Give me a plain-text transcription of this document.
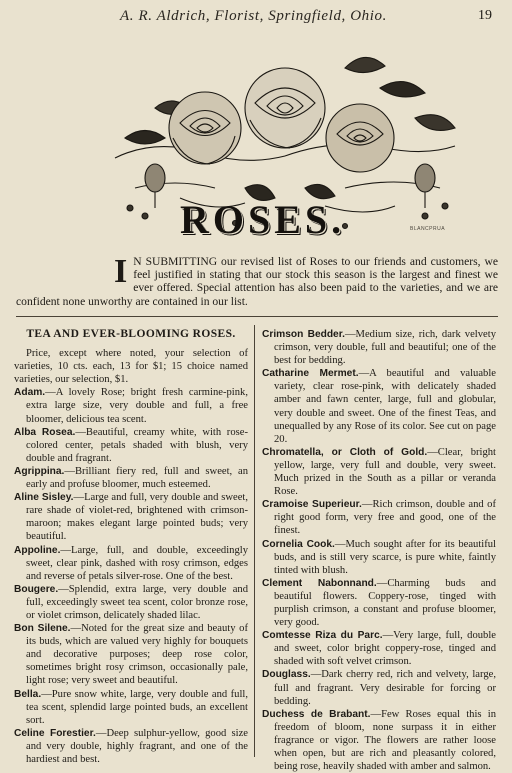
A. R. Aldrich, Florist, Springfield, Ohio.	19
ROSES.	BLANCPRUA
I N SUBMITTING our revised list of Roses to our friends and customers, we feel justified in stating that our stock this season is the largest and finest we ever offered. Special attention has also been paid to the varieties, and we are confident none unworthy are contained in our list.
TEA AND EVER-BLOOMING ROSES.

Price, except where noted, your selection of varieties, 10 cts. each, 13 for $1; 15 choice named varieties, our selection, $1.

Adam.—A lovely Rose; bright fresh carmine-pink, extra large size, very double and full, a free bloomer, delicious tea scent.

Alba Rosea.—Beautiful, creamy white, with rose-colored center, petals shaded with blush, very double and fragrant.

Agrippina.—Brilliant fiery red, full and sweet, an early and profuse bloomer, much esteemed.

Aline Sisley.—Large and full, very double and sweet, rare shade of violet-red, brightened with crimson-maroon; makes elegant large pointed buds; very beautiful.

Appoline.—Large, full, and double, exceedingly sweet, clear pink, dashed with rosy crimson, edges and reverse of petals silver-rose. One of the best.

Bougere.—Splendid, extra large, very double and full, exceedingly sweet tea scent, color bronze rose, or violet crimson, delicately shaded lilac.

Bon Silene.—Noted for the great size and beauty of its buds, which are valued very highly for bouquets and decorative purposes; deep rose color, sometimes bright rosy crimson, occasionally pale, light rose; very sweet and beautiful.

Bella.—Pure snow white, large, very double and full, tea scent, splendid large pointed buds, an excellent sort.

Celine Forestier.—Deep sulphur-yellow, good size and very double, highly fragrant, and one of the hardiest and best.

Crimson Bedder.—Medium size, rich, dark velvety crimson, very double, full and beautiful; one of the best for bedding.

Catharine Mermet.—A beautiful and valuable variety, clear rose-pink, with delicately shaded amber and fawn center, large, full and globular, very double and sweet. One of the finest Teas, and unequalled by any Rose of its color. See cut on page 20.

Chromatella, or Cloth of Gold.—Clear, bright yellow, large, very full and double, very sweet. Much prized in the South as a pillar or veranda Rose.

Cramoise Superieur.—Rich crimson, double and of right good form, very free and good, one of the finest.

Cornelia Cook.—Much sought after for its beautiful buds, and is still very scarce, is pure white, faintly tinted with blush.

Clement Nabonnand.—Charming buds and beautiful flowers. Coppery-rose, tinged with purplish crimson, a constant and profuse bloomer, very good.

Comtesse Riza du Parc.—Very large, full, double and sweet, color bright coppery-rose, tinged and shaded with soft velvet crimson.

Douglass.—Dark cherry red, rich and velvety, large, full and fragrant. Very desirable for forcing or bedding.

Duchess de Brabant.—Few Roses equal this in freedom of bloom, none surpass it in either fragrance or vigor. The flowers are rather loose when open, but are rich and pleasantly colored, being rose, heavily shaded with amber and salmon.
